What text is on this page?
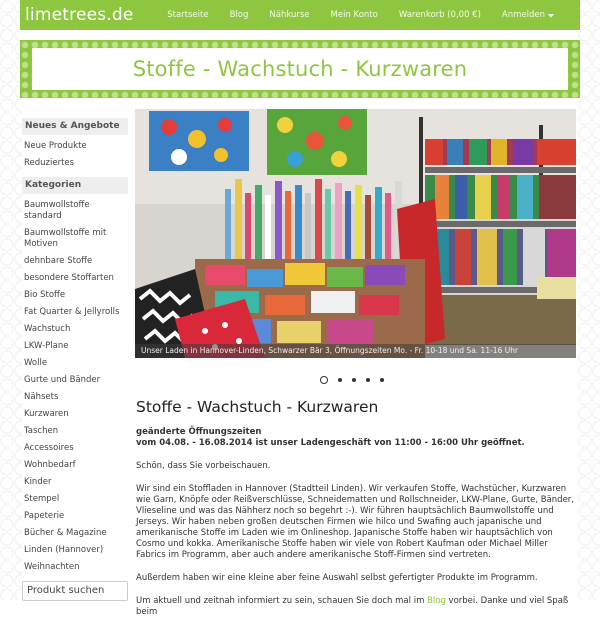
limetrees.de	Startseite Blog Nähkurse Mein Konto Warenkorb (0,00 €) Anmelden
Stoffe - Wachstuch - Kurzwaren
Neues & Angebote
Neue Produkte
Reduziertes
Kategorien
Baumwollstoffe standard
Baumwollstoffe mit Motiven
dehnbare Stoffe
besondere Stoffarten
Bio Stoffe
Fat Quarter & Jellyrolls
Wachstuch
LKW-Plane
Wolle
Gurte und Bänder
Nähsets
Kurzwaren
Taschen
Accessoires
Wohnbedarf
Kinder
Stempel
Papeterie
Bücher & Magazine
Linden (Hannover)
Weihnachten
Produkt suchen
Unser Laden in Hannover-Linden, Schwarzer Bär 3, Öffnungszeiten Mo. - Fr. 10-18 und Sa. 11-16 Uhr
Stoffe - Wachstuch - Kurzwaren
geänderte Öffnungszeiten
vom 04.08. - 16.08.2014 ist unser Ladengeschäft von 11:00 - 16:00 Uhr geöffnet.

Schön, dass Sie vorbeischauen.

Wir sind ein Stoffladen in Hannover (Stadtteil Linden). Wir verkaufen Stoffe, Wachstücher, Kurzwaren wie Garn, Knöpfe oder Reißverschlüsse, Schneidematten und Rollschneider, LKW-Plane, Gurte, Bänder, Vlieseline und was das Nähherz noch so begehrt :-). Wir führen hauptsächlich Baumwollstoffe und Jerseys. Wir haben neben großen deutschen Firmen wie hilco und Swafing auch japanische und amerikanische Stoffe im Laden wie im Onlineshop. Japanische Stoffe haben wir hauptsächlich von Cosmo und kokka. Amerikanische Stoffe haben wir viele von Robert Kaufman oder Michael Miller Fabrics im Programm, aber auch andere amerikanische Stoff-Firmen sind vertreten.

Außerdem haben wir eine kleine aber feine Auswahl selbst gefertigter Produkte im Programm.

Um aktuell und zeitnah informiert zu sein, schauen Sie doch mal im Blog vorbei. Danke und viel Spaß beim
